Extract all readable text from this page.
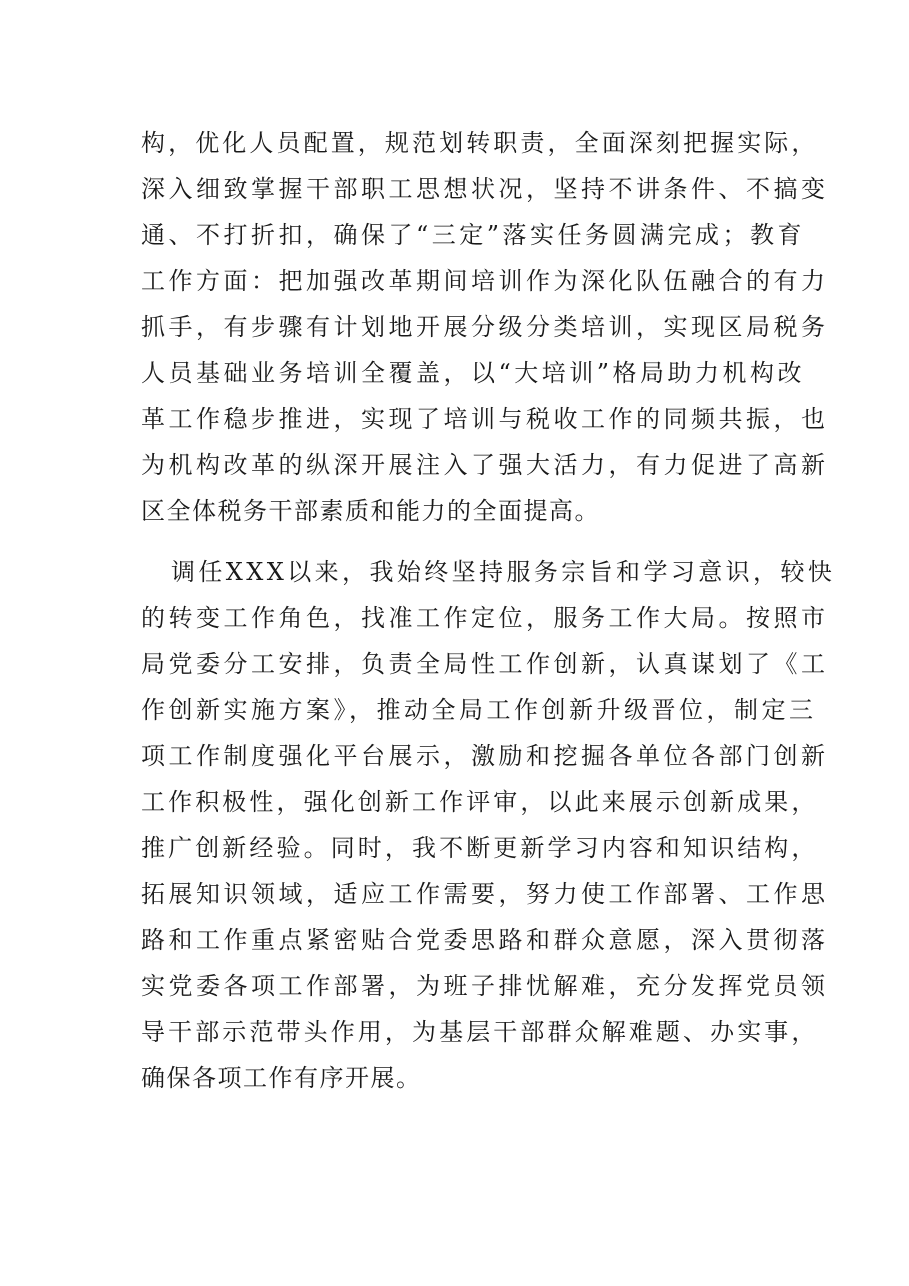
构，优化人员配置，规范划转职责，全面深刻把握实际，
深入细致掌握干部职工思想状况，坚持不讲条件、不搞变
通、不打折扣，确保了“三定”落实任务圆满完成；教育
工作方面：把加强改革期间培训作为深化队伍融合的有力
抓手，有步骤有计划地开展分级分类培训，实现区局税务
人员基础业务培训全覆盖，以“大培训”格局助力机构改
革工作稳步推进，实现了培训与税收工作的同频共振，也
为机构改革的纵深开展注入了强大活力，有力促进了高新
区全体税务干部素质和能力的全面提高。
调任XXX以来，我始终坚持服务宗旨和学习意识，较快
的转变工作角色，找准工作定位，服务工作大局。按照市
局党委分工安排，负责全局性工作创新，认真谋划了《工
作创新实施方案》，推动全局工作创新升级晋位，制定三
项工作制度强化平台展示，激励和挖掘各单位各部门创新
工作积极性，强化创新工作评审，以此来展示创新成果，
推广创新经验。同时，我不断更新学习内容和知识结构，
拓展知识领域，适应工作需要，努力使工作部署、工作思
路和工作重点紧密贴合党委思路和群众意愿，深入贯彻落
实党委各项工作部署，为班子排忧解难，充分发挥党员领
导干部示范带头作用，为基层干部群众解难题、办实事，
确保各项工作有序开展。
